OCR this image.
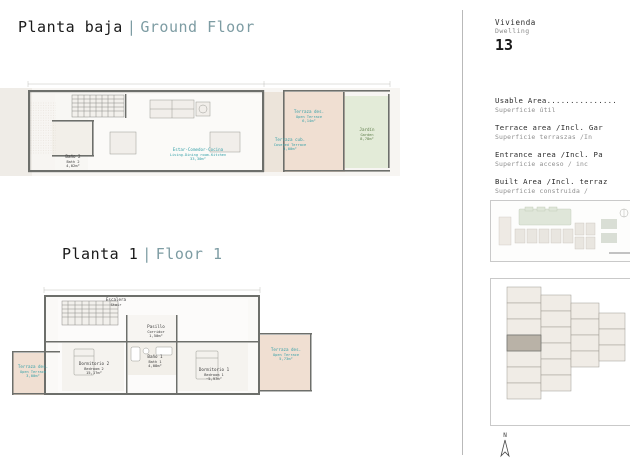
Planta baja | Ground Floor
Baño 2
Bath 2
4,02m²
Estar-Comedor-Cocina
Living-Dining room-Kitchen
33,30m²
Terraza cub.
Covered Terrace
3,00m²
Terraza des.
Open Terrace
6,14m²
Jardín
Garden
8,78m²
Planta 1 | Floor 1
Terraza des.
Open Terrace
3,00m²
Escalera
Stair
Pasillo
Corridor
1,50m²
Baño 1
Bath 1
4,08m²
Dormitorio 2
Bedroom 2
15,1?m²
Dormitorio 1
Bedroom 1
~5,97m²
Terraza des.
Open Terrace
5,73m²
Vivienda
Dwelling
13
Usable Area...............
Superficie útil
Terrace area /Incl. Gar
Superficie terraszas /In
Entrance area /Incl. Pa
Superficie acceso / inc
Built Area /Incl. terraz
Superficie construida /
N
